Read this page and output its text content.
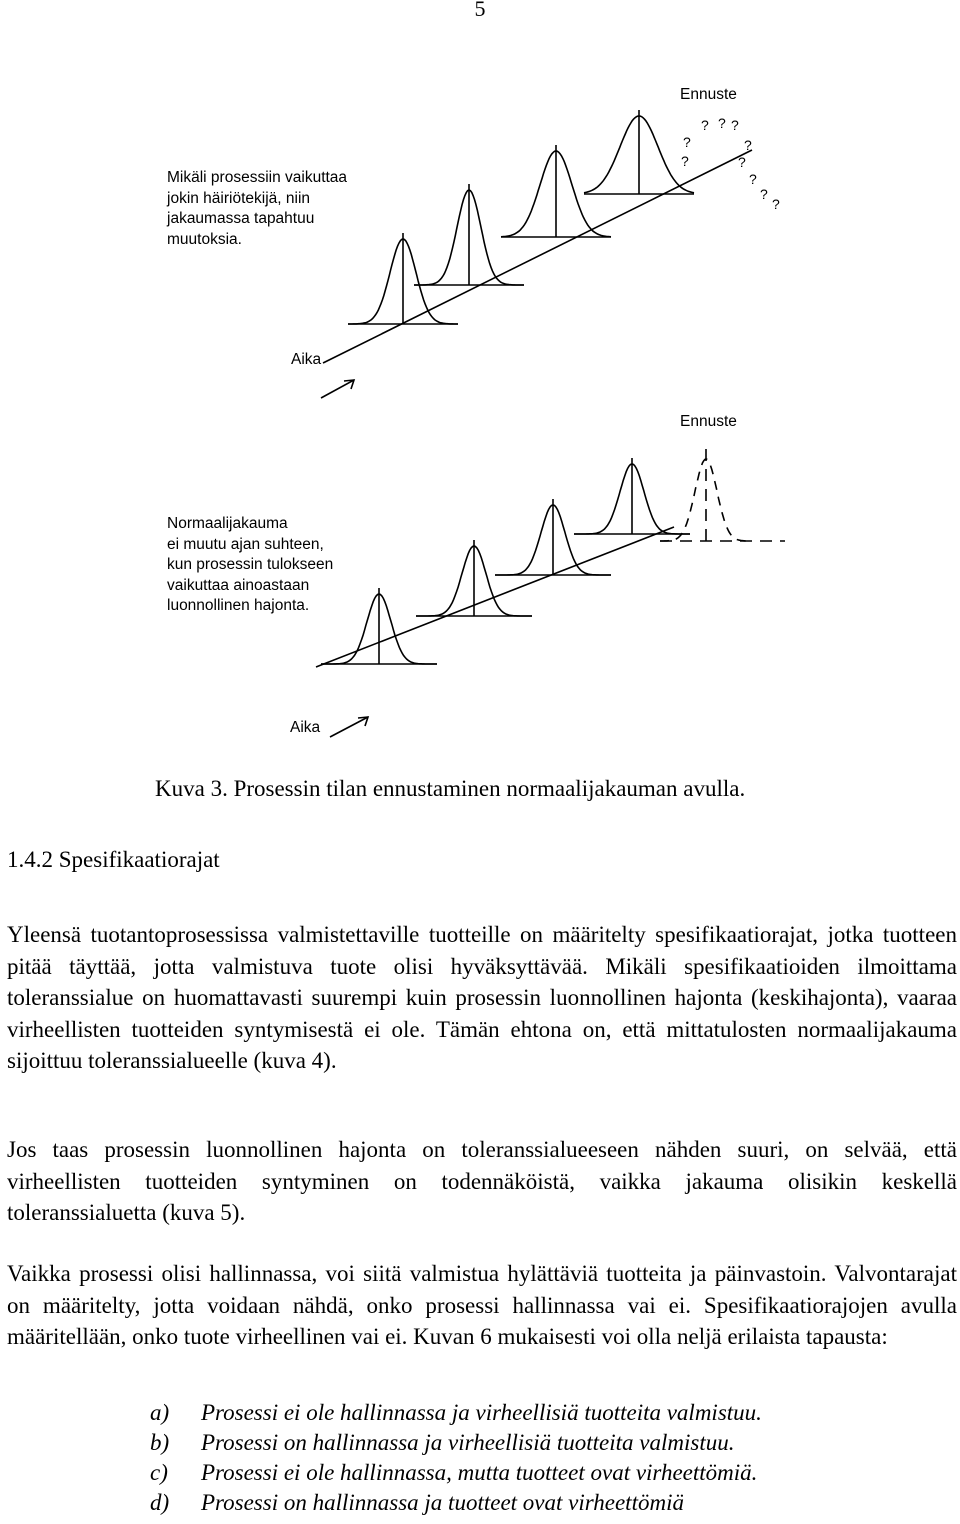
5
? ? ?
?	?
?	?
?
?
?
Mikäli prosessiin vaikuttaa
jokin häiriötekijä, niin
jakaumassa tapahtuu
muutoksia.
Ennuste
Aika
Normaalijakauma
ei muutu ajan suhteen,
kun prosessin tulokseen
vaikuttaa ainoastaan
luonnollinen hajonta.
Ennuste
Aika
Kuva 3. Prosessin tilan ennustaminen normaalijakauman avulla.
1.4.2 Spesifikaatiorajat

Yleensä tuotantoprosessissa valmistettaville tuotteille on määritelty spesifikaatiorajat, jotka tuotteen pitää täyttää, jotta valmistuva tuote olisi hyväksyttävää. Mikäli spesifikaatioiden ilmoittama toleranssialue on huomattavasti suurempi kuin prosessin luonnollinen hajonta (keskihajonta), vaaraa virheellisten tuotteiden syntymisestä ei ole. Tämän ehtona on, että mittatulosten normaalijakauma sijoittuu toleranssialueelle (kuva 4).

Jos taas prosessin luonnollinen hajonta on toleranssialueeseen nähden suuri, on selvää, että virheellisten tuotteiden syntyminen on todennäköistä, vaikka jakauma olisikin keskellä toleranssialuetta (kuva 5).

Vaikka prosessi olisi hallinnassa, voi siitä valmistua hylättäviä tuotteita ja päinvastoin. Valvontarajat on määritelty, jotta voidaan nähdä, onko prosessi hallinnassa vai ei. Spesifikaatiorajojen avulla määritellään, onko tuote virheellinen vai ei. Kuvan 6 mukaisesti voi olla neljä erilaista tapausta:

a) Prosessi ei ole hallinnassa ja virheellisiä tuotteita valmistuu.
b) Prosessi on hallinnassa ja virheellisiä tuotteita valmistuu.
c) Prosessi ei ole hallinnassa, mutta tuotteet ovat virheettömiä.
d) Prosessi on hallinnassa ja tuotteet ovat virheettömiä
